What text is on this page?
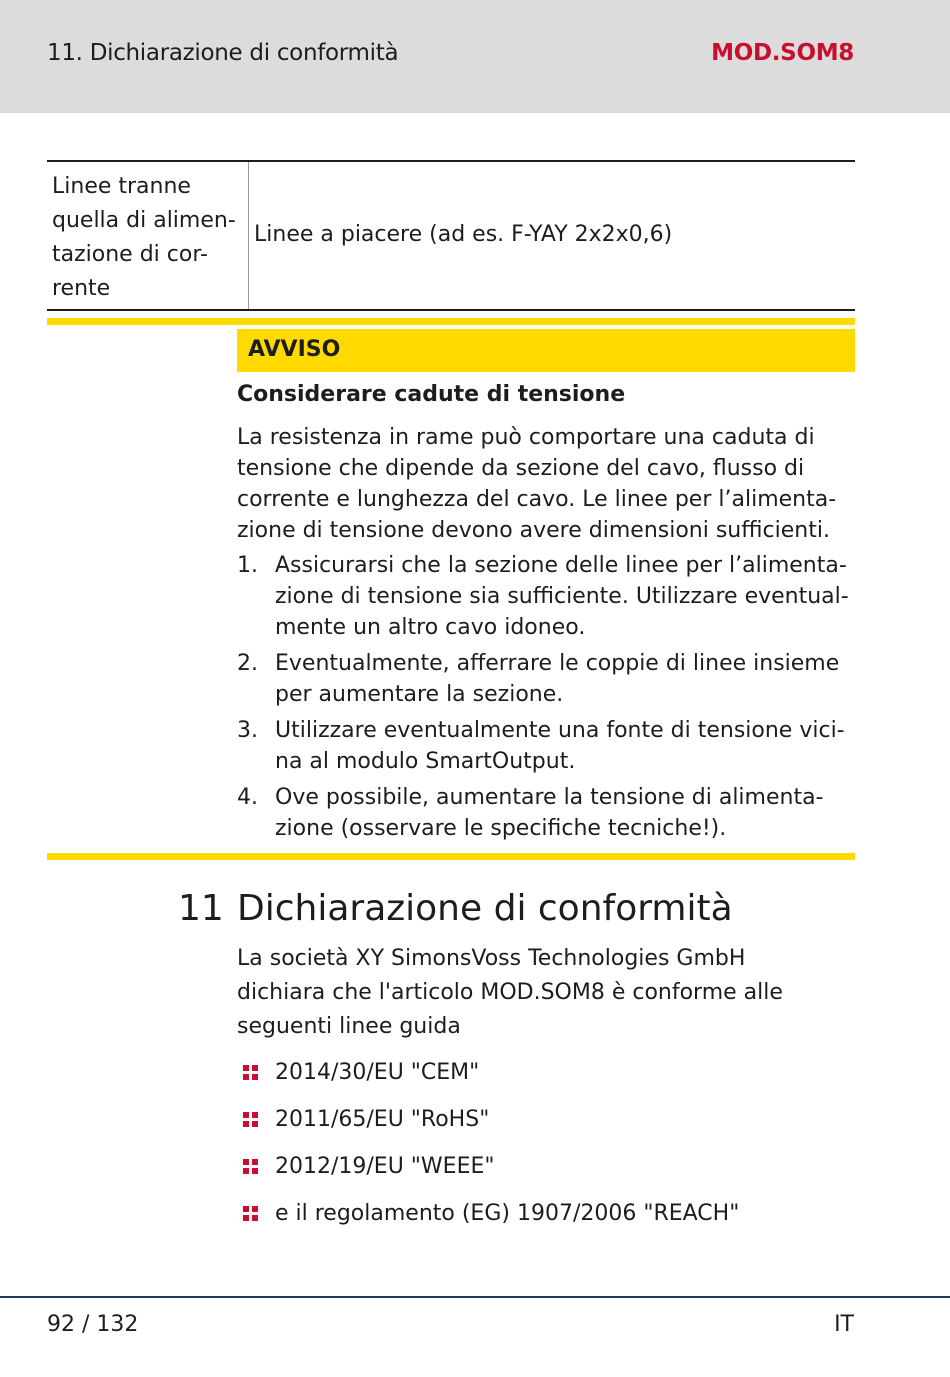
11. Dichiarazione di conformità	MOD.SOM8
Linee tranne
quella di alimen-
tazione di cor-
rente
Linee a piacere (ad es. F-YAY 2x2x0,6)
AVVISO
Considerare cadute di tensione
La resistenza in rame può comportare una caduta di
tensione che dipende da sezione del cavo, flusso di
corrente e lunghezza del cavo. Le linee per l’alimenta-
zione di tensione devono avere dimensioni sufficienti.
1. Assicurarsi che la sezione delle linee per l’alimenta-
zione di tensione sia sufficiente. Utilizzare eventual-
mente un altro cavo idoneo.
2. Eventualmente, afferrare le coppie di linee insieme
per aumentare la sezione.
3. Utilizzare eventualmente una fonte di tensione vici-
na al modulo SmartOutput.
4. Ove possibile, aumentare la tensione di alimenta-
zione (osservare le specifiche tecniche!).
11 Dichiarazione di conformità
La società XY SimonsVoss Technologies GmbH
dichiara che l'articolo MOD.SOM8 è conforme alle
seguenti linee guida
2014/30/EU "CEM"
2011/65/EU "RoHS"
2012/19/EU "WEEE"
e il regolamento (EG) 1907/2006 "REACH"
92 / 132	IT
